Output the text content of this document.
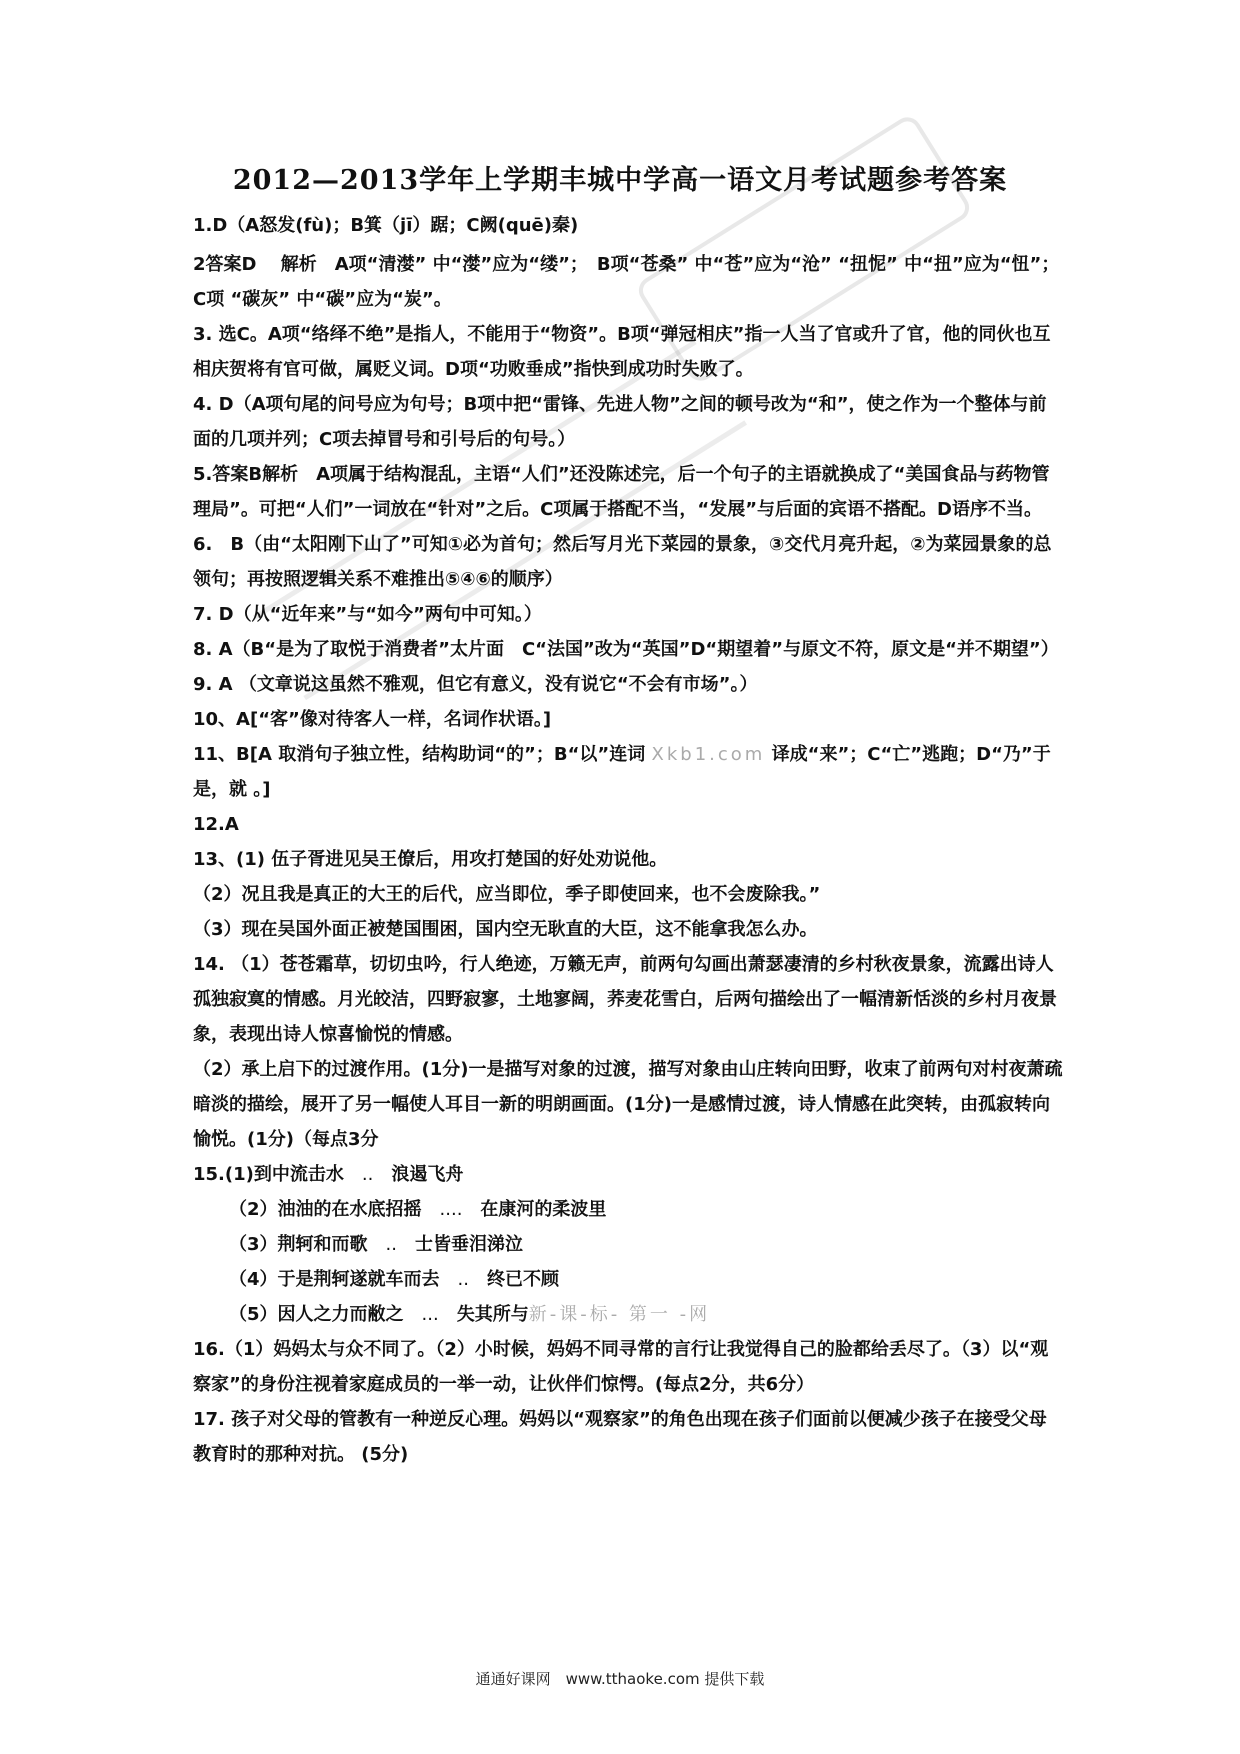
2012—2013学年上学期丰城中学高一语文月考试题参考答案

1.D（A怒发(fù)；B箕（jī）踞；C阙(quē)秦)

2答案D　 解析　A项“清漤” 中“漤”应为“缕”；　B项“苍桑” 中“苍”应为“沧” “扭怩” 中“扭”应为“忸”；C项 “碳灰” 中“碳”应为“炭”。

3. 选C。A项“络绎不绝”是指人，不能用于“物资”。B项“弹冠相庆”指一人当了官或升了官，他的同伙也互相庆贺将有官可做，属贬义词。D项“功败垂成”指快到成功时失败了。

4. D（A项句尾的问号应为句号；B项中把“雷锋、先进人物”之间的顿号改为“和”，使之作为一个整体与前面的几项并列；C项去掉冒号和引号后的句号。）

5.答案B解析　A项属于结构混乱，主语“人们”还没陈述完，后一个句子的主语就换成了“美国食品与药物管理局”。可把“人们”一词放在“针对”之后。C项属于搭配不当，“发展”与后面的宾语不搭配。D语序不当。

6.　B（由“太阳刚下山了”可知①必为首句；然后写月光下菜园的景象，③交代月亮升起，②为菜园景象的总领句；再按照逻辑关系不难推出⑤④⑥的顺序）

7. D（从“近年来”与“如今”两句中可知。）

8. A（B“是为了取悦于消费者”太片面　C“法国”改为“英国”D“期望着”与原文不符，原文是“并不期望”）

9. A （文章说这虽然不雅观，但它有意义，没有说它“不会有市场”。）

10、A[“客”像对待客人一样，名词作状语。]

11、B[A 取消句子独立性，结构助词“的”；B“以”连词 Xkb1.com 译成“来”；C“亡”逃跑；D“乃”于是，就 。]

12.A

13、(1) 伍子胥进见吴王僚后，用攻打楚国的好处劝说他。

（2）况且我是真正的大王的后代，应当即位，季子即使回来，也不会废除我。”

（3）现在吴国外面正被楚国围困，国内空无耿直的大臣，这不能拿我怎么办。

14. （1）苍苍霜草，切切虫吟，行人绝迹，万籁无声，前两句勾画出萧瑟凄清的乡村秋夜景象，流露出诗人孤独寂寞的情感。月光皎洁，四野寂寥，土地寥阔，荞麦花雪白，后两句描绘出了一幅清新恬淡的乡村月夜景象，表现出诗人惊喜愉悦的情感。

（2）承上启下的过渡作用。(1分)一是描写对象的过渡，描写对象由山庄转向田野，收束了前两句对村夜萧疏暗淡的描绘，展开了另一幅使人耳目一新的明朗画面。(1分)一是感情过渡，诗人情感在此突转，由孤寂转向愉悦。(1分)（每点3分

15.(1)到中流击水　..　浪遏飞舟

（2）油油的在水底招摇　....　在康河的柔波里

（3）荆轲和而歌　..　士皆垂泪涕泣

（4）于是荆轲遂就车而去　..　终已不顾

（5）因人之力而敝之　...　失其所与新-课-标- 第一 -网

16.（1）妈妈太与众不同了。（2）小时候，妈妈不同寻常的言行让我觉得自己的脸都给丢尽了。（3）以“观察家”的身份注视着家庭成员的一举一动，让伙伴们惊愕。(每点2分，共6分）

17. 孩子对父母的管教有一种逆反心理。妈妈以“观察家”的角色出现在孩子们面前以便减少孩子在接受父母教育时的那种对抗。 (5分)

通通好课网　www.tthaoke.com 提供下载
